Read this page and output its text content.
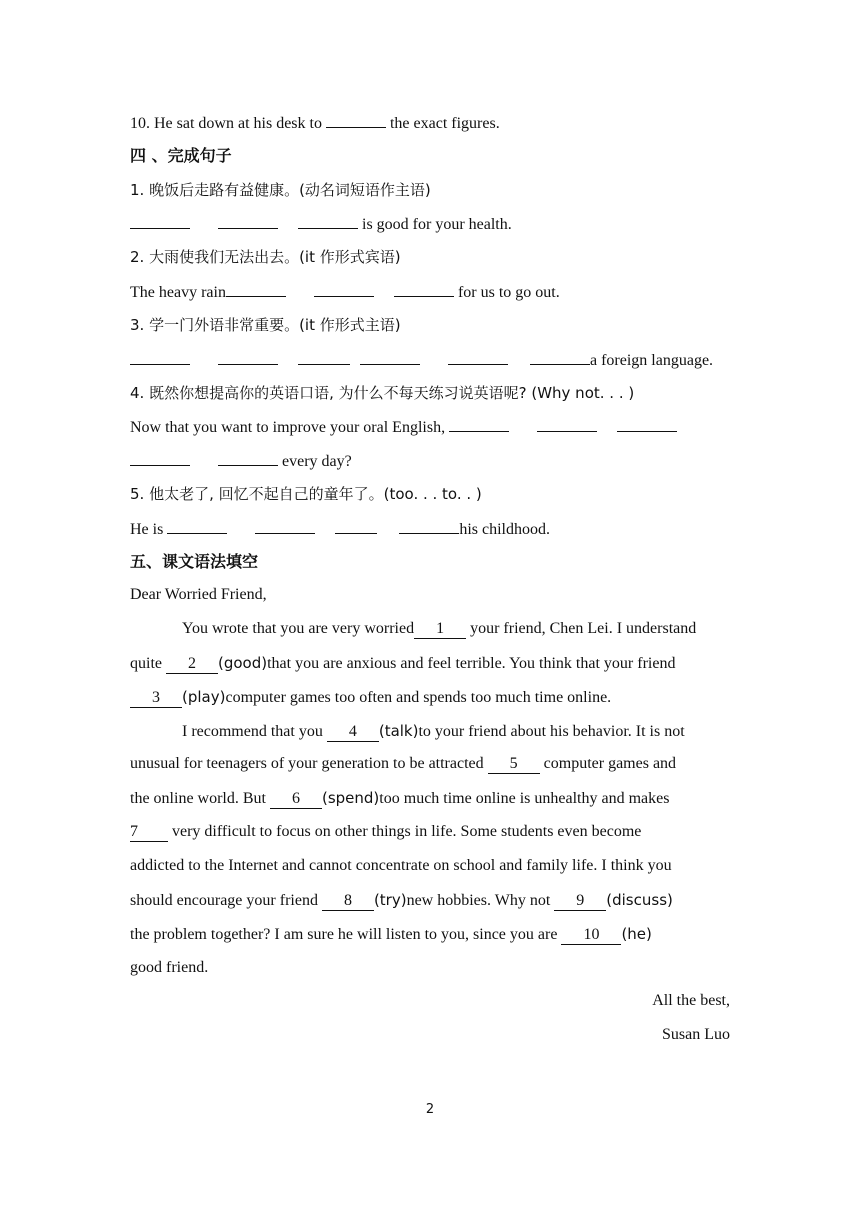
10. He sat down at his desk to	the exact figures.
四 、完成句子
1. 晚饭后走路有益健康。(动名词短语作主语)
is good for your health.
2. 大雨使我们无法出去。(it 作形式宾语)
The heavy rain	for us to go out.
3. 学一门外语非常重要。(it 作形式主语)
a foreign language.
4. 既然你想提高你的英语口语, 为什么不每天练习说英语呢? (Why not. . . )
Now that you want to improve your oral English,
every day?
5. 他太老了, 回忆不起自己的童年了。(too. . . to. . )
He is	his childhood.
五、课文语法填空
Dear Worried Friend,
You wrote that you are very worried 1 your friend, Chen Lei. I understand
quite 2 (good)that you are anxious and feel terrible. You think that your friend
3 (play)computer games too often and spends too much time online.
I recommend that you 4 (talk)to your friend about his behavior. It is not
unusual for teenagers of your generation to be attracted 5 computer games and
the online world. But 6 (spend)too much time online is unhealthy and makes
7 very difficult to focus on other things in life. Some students even become
addicted to the Internet and cannot concentrate on school and family life. I think you
should encourage your friend 8 (try)new hobbies. Why not 9 (discuss)
the problem together? I am sure he will listen to you, since you are 10 (he)
good friend.
All the best,
Susan Luo
2
